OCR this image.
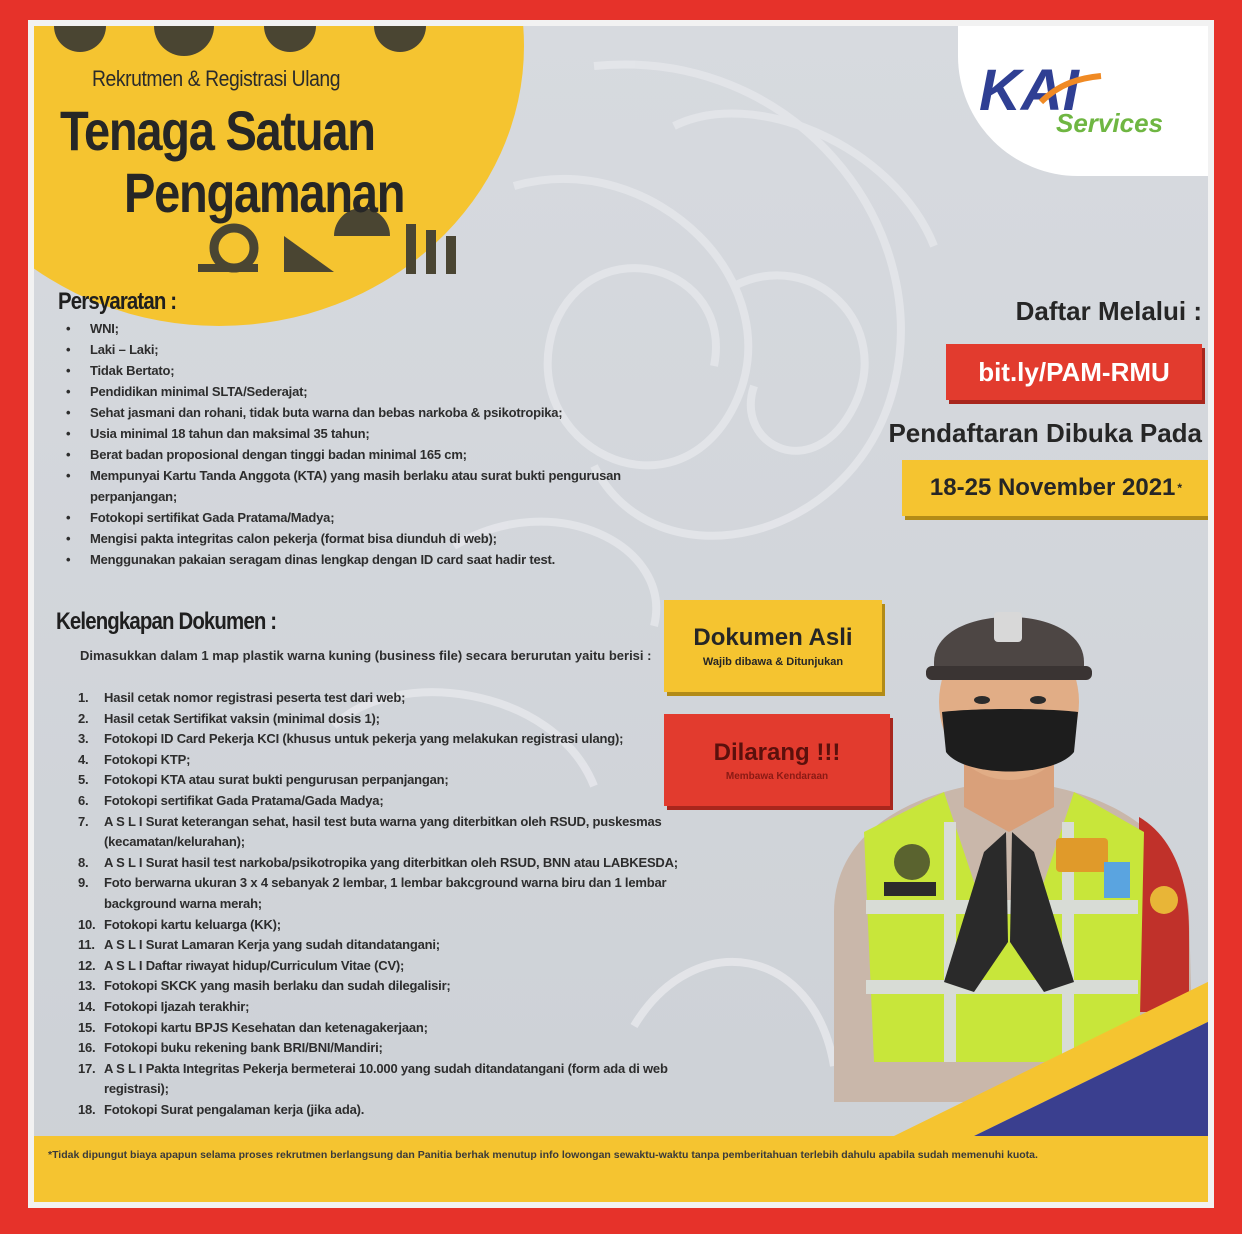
Rekrutmen & Registrasi Ulang
Tenaga Satuan
Pengamanan
KAI
Services
Persyaratan :
• WNI;
• Laki – Laki;
• Tidak Bertato;
• Pendidikan minimal SLTA/Sederajat;
• Sehat jasmani dan rohani, tidak buta warna dan bebas narkoba & psikotropika;
• Usia minimal 18 tahun dan maksimal 35 tahun;
• Berat badan proposional dengan tinggi badan minimal 165 cm;
• Mempunyai Kartu Tanda Anggota (KTA) yang masih berlaku atau surat bukti pengurusan perpanjangan;
• Fotokopi sertifikat Gada Pratama/Madya;
• Mengisi pakta integritas calon pekerja (format bisa diunduh di web);
• Menggunakan pakaian seragam dinas lengkap dengan ID card saat hadir test.
Kelengkapan Dokumen :
Dimasukkan dalam 1 map plastik warna kuning (business file) secara berurutan yaitu berisi :
1. Hasil cetak nomor registrasi peserta test dari web;
2. Hasil cetak Sertifikat vaksin (minimal dosis 1);
3. Fotokopi ID Card Pekerja KCI (khusus untuk pekerja yang melakukan registrasi ulang);
4. Fotokopi KTP;
5. Fotokopi KTA atau surat bukti pengurusan perpanjangan;
6. Fotokopi sertifikat Gada Pratama/Gada Madya;
7. A S L I Surat keterangan sehat, hasil test buta warna yang diterbitkan oleh RSUD, puskesmas (kecamatan/kelurahan);
8. A S L I Surat hasil test narkoba/psikotropika yang diterbitkan oleh RSUD, BNN atau LABKESDA;
9. Foto berwarna ukuran 3 x 4 sebanyak 2 lembar, 1 lembar bakcground warna biru dan 1 lembar background warna merah;
10. Fotokopi kartu keluarga (KK);
11. A S L I Surat Lamaran Kerja yang sudah ditandatangani;
12. A S L I Daftar riwayat hidup/Curriculum Vitae (CV);
13. Fotokopi SKCK yang masih berlaku dan sudah dilegalisir;
14. Fotokopi Ijazah terakhir;
15. Fotokopi kartu BPJS Kesehatan dan ketenagakerjaan;
16. Fotokopi buku rekening bank BRI/BNI/Mandiri;
17. A S L I Pakta Integritas Pekerja bermeterai 10.000 yang sudah ditandatangani (form ada di web registrasi);
18. Fotokopi Surat pengalaman kerja (jika ada).
Daftar Melalui :
bit.ly/PAM-RMU
Pendaftaran Dibuka Pada
18-25 November 2021 *
Dokumen Asli
Wajib dibawa & Ditunjukan
Dilarang !!!
Membawa Kendaraan
*Tidak dipungut biaya apapun selama proses rekrutmen berlangsung dan Panitia berhak menutup info lowongan sewaktu-waktu tanpa pemberitahuan terlebih dahulu apabila sudah memenuhi kuota.
